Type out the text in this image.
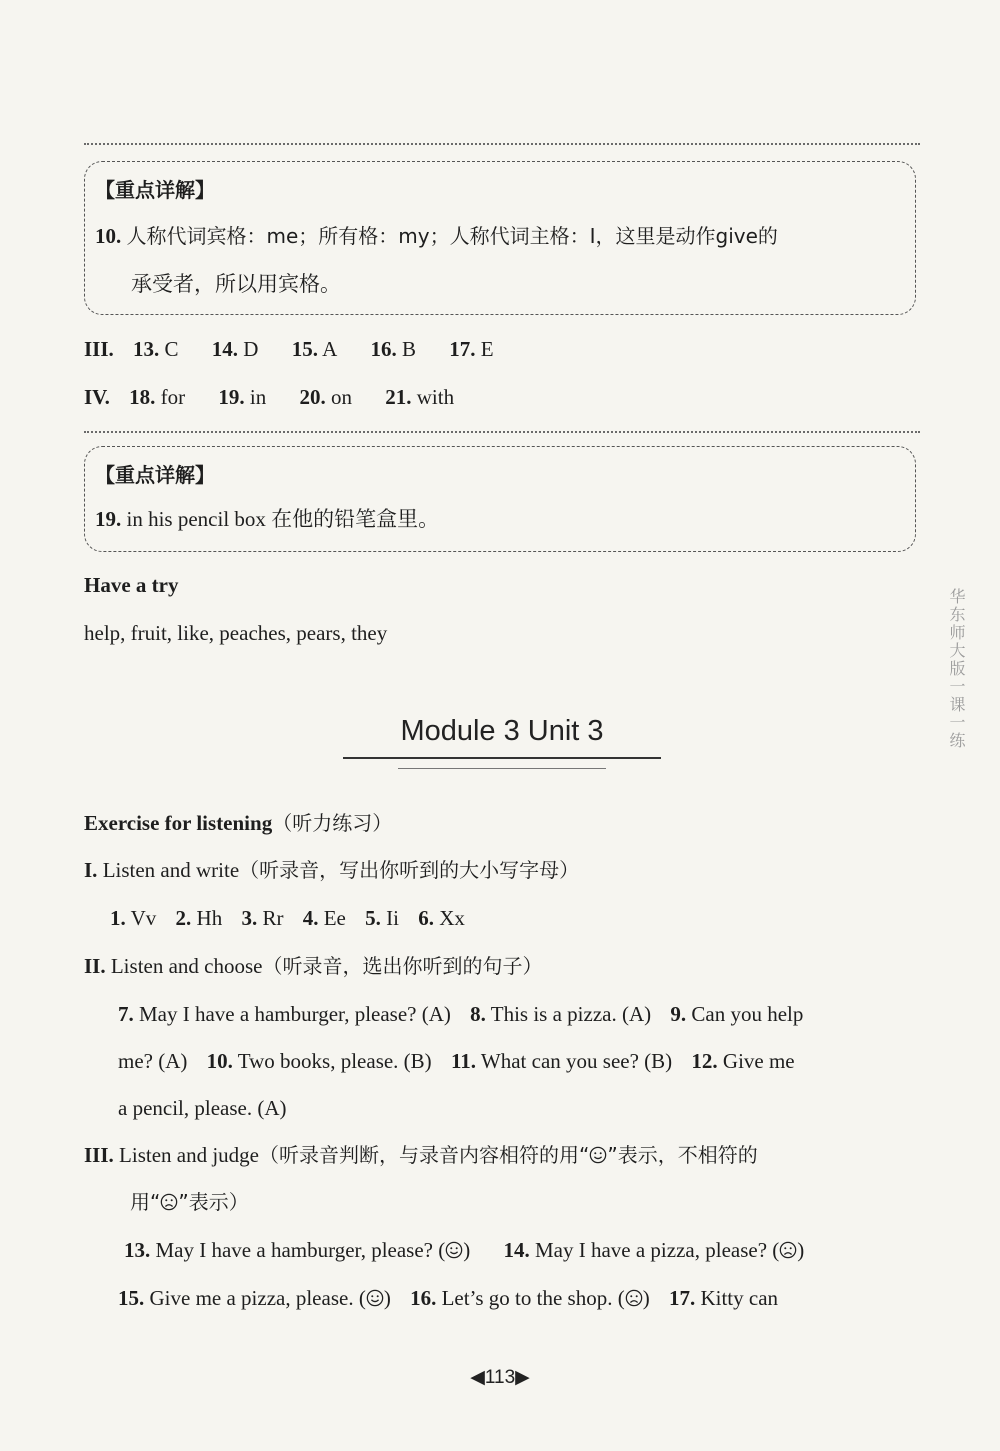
【重点详解】
10. 人称代词宾格：me；所有格：my；人称代词主格：I，这里是动作give的
承受者，所以用宾格。
III. 13. C 14. D 15. A 16. B 17. E
IV. 18. for 19. in 20. on 21. with
【重点详解】
19. in his pencil box 在他的铅笔盒里。
Have a try
help, fruit, like, peaches, pears, they
Module 3 Unit 3
Exercise for listening（听力练习）
I. Listen and write（听录音，写出你听到的大小写字母）
1. Vv 2. Hh 3. Rr 4. Ee 5. Ii 6. Xx
II. Listen and choose（听录音，选出你听到的句子）
7. May I have a hamburger, please? (A) 8. This is a pizza. (A) 9. Can you help
me? (A) 10. Two books, please. (B) 11. What can you see? (B) 12. Give me
a pencil, please. (A)
III. Listen and judge（听录音判断，与录音内容相符的用“ ”表示，不相符的
用“ ”表示）
13. May I have a hamburger, please? ( ) 14. May I have a pizza, please? ( )
15. Give me a pizza, please. ( ) 16. Let’s go to the shop. ( ) 17. Kitty can
华东师大版一课一练
◀113▶
